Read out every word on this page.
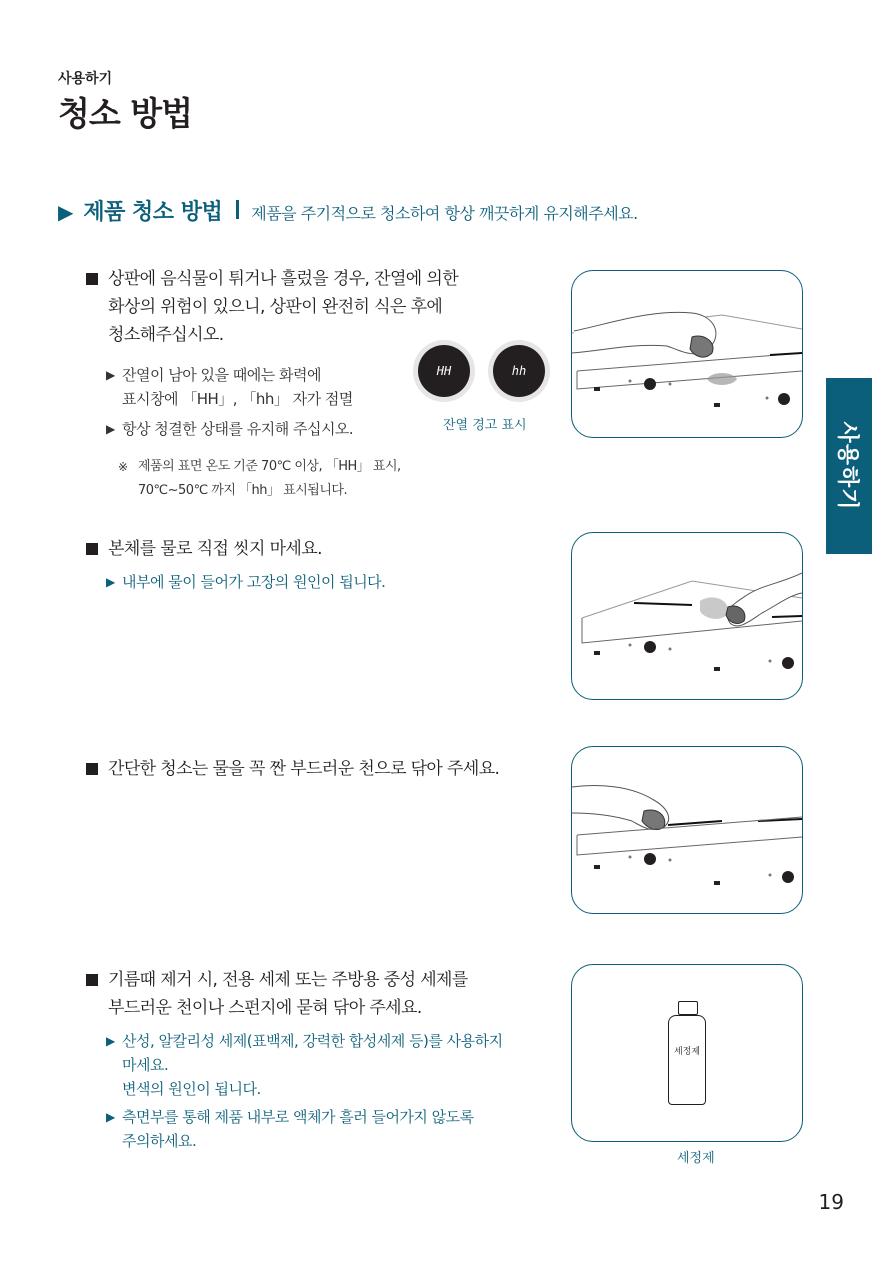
사용하기
청소 방법
▶ 제품 청소 방법 제품을 주기적으로 청소하여 항상 깨끗하게 유지해주세요.
사용하기
상판에 음식물이 튀거나 흘렀을 경우, 잔열에 의한
화상의 위험이 있으니, 상판이 완전히 식은 후에
청소해주십시오.
▶ 잔열이 남아 있을 때에는 화력에
표시창에 「HH」, 「hh」 자가 점멸
▶ 항상 청결한 상태를 유지해 주십시오.
※ 제품의 표면 온도 기준 70℃ 이상, 「HH」 표시,
70℃~50℃ 까지 「hh」 표시됩니다.
HH	hh
잔열 경고 표시
본체를 물로 직접 씻지 마세요.
▶ 내부에 물이 들어가 고장의 원인이 됩니다.
간단한 청소는 물을 꼭 짠 부드러운 천으로 닦아 주세요.
기름때 제거 시, 전용 세제 또는 주방용 중성 세제를
부드러운 천이나 스펀지에 묻혀 닦아 주세요.
▶ 산성, 알칼리성 세제(표백제, 강력한 합성세제 등)를 사용하지
마세요.
변색의 원인이 됩니다.
▶ 측면부를 통해 제품 내부로 액체가 흘러 들어가지 않도록
주의하세요.
세정제
세정제
19
